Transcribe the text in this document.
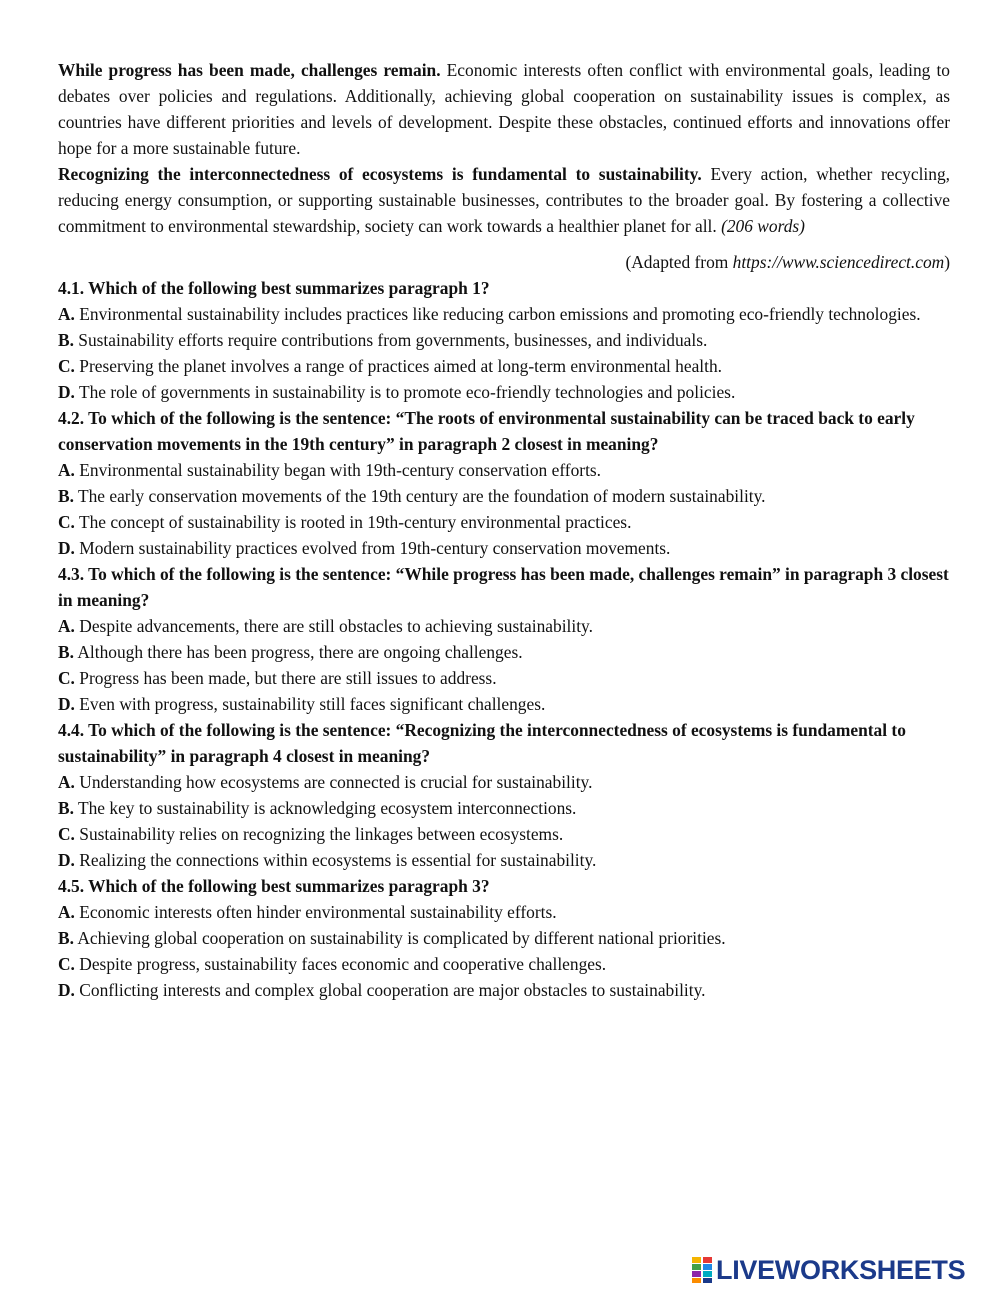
While progress has been made, challenges remain. Economic interests often conflict with environmental goals, leading to debates over policies and regulations. Additionally, achieving global cooperation on sustainability issues is complex, as countries have different priorities and levels of development. Despite these obstacles, continued efforts and innovations offer hope for a more sustainable future.

Recognizing the interconnectedness of ecosystems is fundamental to sustainability. Every action, whether recycling, reducing energy consumption, or supporting sustainable businesses, contributes to the broader goal. By fostering a collective commitment to environmental stewardship, society can work towards a healthier planet for all. (206 words)

(Adapted from https://www.sciencedirect.com)

4.1. Which of the following best summarizes paragraph 1?

A. Environmental sustainability includes practices like reducing carbon emissions and promoting eco-friendly technologies.

B. Sustainability efforts require contributions from governments, businesses, and individuals.

C. Preserving the planet involves a range of practices aimed at long-term environmental health.

D. The role of governments in sustainability is to promote eco-friendly technologies and policies.

4.2. To which of the following is the sentence: “The roots of environmental sustainability can be traced back to early conservation movements in the 19th century” in paragraph 2 closest in meaning?

A. Environmental sustainability began with 19th-century conservation efforts.

B. The early conservation movements of the 19th century are the foundation of modern sustainability.

C. The concept of sustainability is rooted in 19th-century environmental practices.

D. Modern sustainability practices evolved from 19th-century conservation movements.

4.3. To which of the following is the sentence: “While progress has been made, challenges remain” in paragraph 3 closest in meaning?

A. Despite advancements, there are still obstacles to achieving sustainability.

B. Although there has been progress, there are ongoing challenges.

C. Progress has been made, but there are still issues to address.

D. Even with progress, sustainability still faces significant challenges.

4.4. To which of the following is the sentence: “Recognizing the interconnectedness of ecosystems is fundamental to sustainability” in paragraph 4 closest in meaning?

A. Understanding how ecosystems are connected is crucial for sustainability.

B. The key to sustainability is acknowledging ecosystem interconnections.

C. Sustainability relies on recognizing the linkages between ecosystems.

D. Realizing the connections within ecosystems is essential for sustainability.

4.5. Which of the following best summarizes paragraph 3?

A. Economic interests often hinder environmental sustainability efforts.

B. Achieving global cooperation on sustainability is complicated by different national priorities.

C. Despite progress, sustainability faces economic and cooperative challenges.

D. Conflicting interests and complex global cooperation are major obstacles to sustainability.

LIVEWORKSHEETS
